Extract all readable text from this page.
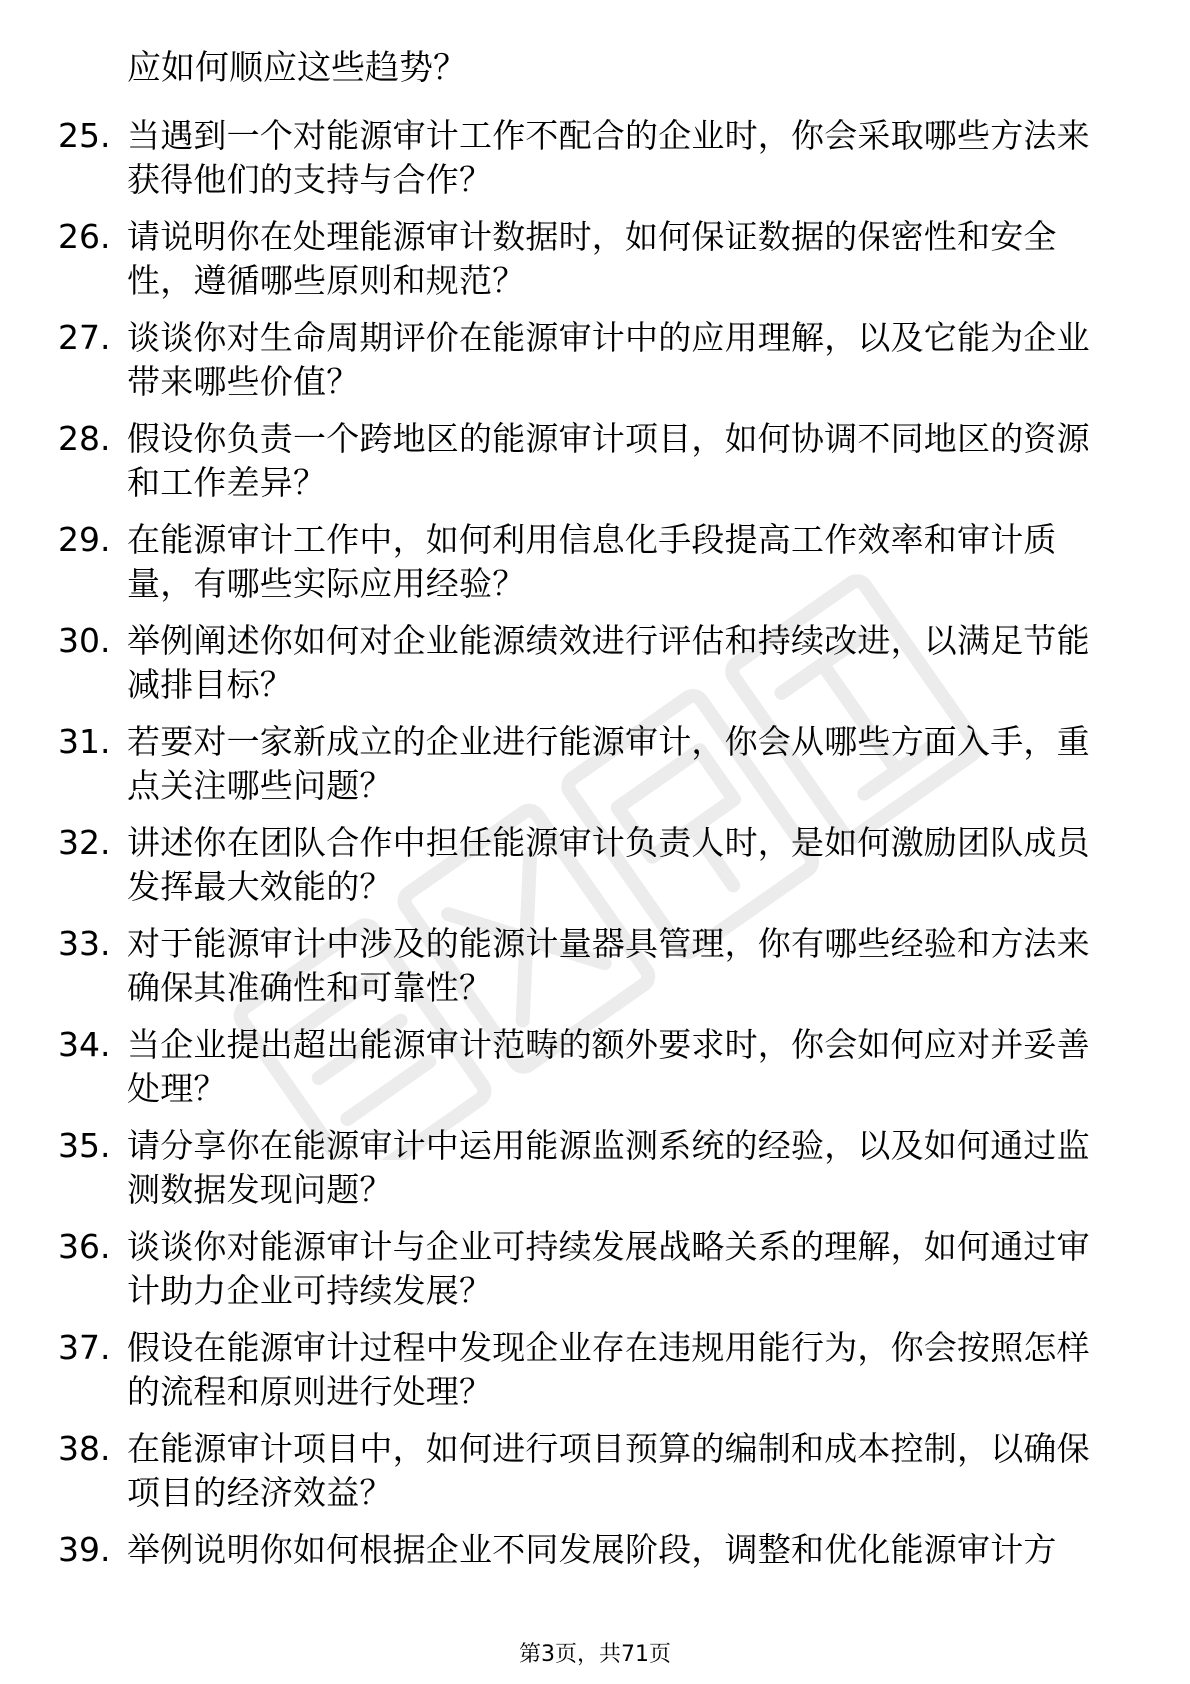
应如何顺应这些趋势？
25. 当遇到一个对能源审计工作不配合的企业时，你会采取哪些方法来获得他们的支持与合作？
26. 请说明你在处理能源审计数据时，如何保证数据的保密性和安全性，遵循哪些原则和规范？
27. 谈谈你对生命周期评价在能源审计中的应用理解，以及它能为企业带来哪些价值？
28. 假设你负责一个跨地区的能源审计项目，如何协调不同地区的资源和工作差异？
29. 在能源审计工作中，如何利用信息化手段提高工作效率和审计质量，有哪些实际应用经验？
30. 举例阐述你如何对企业能源绩效进行评估和持续改进，以满足节能减排目标？
31. 若要对一家新成立的企业进行能源审计，你会从哪些方面入手，重点关注哪些问题？
32. 讲述你在团队合作中担任能源审计负责人时，是如何激励团队成员发挥最大效能的？
33. 对于能源审计中涉及的能源计量器具管理，你有哪些经验和方法来确保其准确性和可靠性？
34. 当企业提出超出能源审计范畴的额外要求时，你会如何应对并妥善处理？
35. 请分享你在能源审计中运用能源监测系统的经验，以及如何通过监测数据发现问题？
36. 谈谈你对能源审计与企业可持续发展战略关系的理解，如何通过审计助力企业可持续发展？
37. 假设在能源审计过程中发现企业存在违规用能行为，你会按照怎样的流程和原则进行处理？
38. 在能源审计项目中，如何进行项目预算的编制和成本控制，以确保项目的经济效益？
39. 举例说明你如何根据企业不同发展阶段，调整和优化能源审计方
第3页，共71页
